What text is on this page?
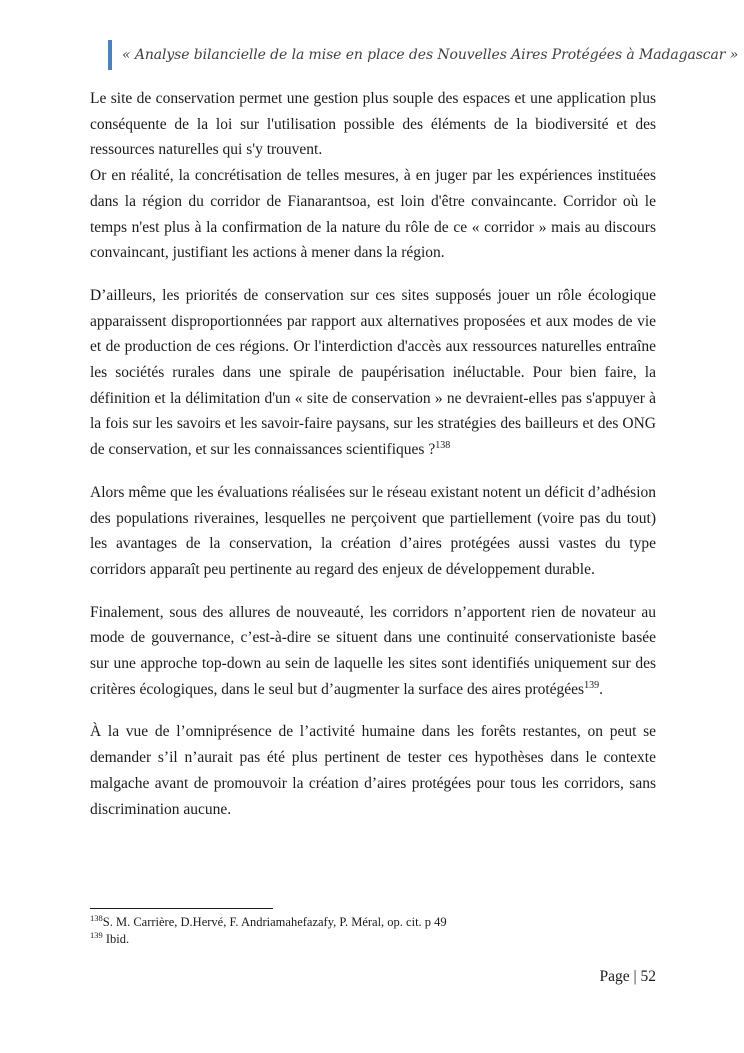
« Analyse bilancielle de la mise en place des Nouvelles Aires Protégées à Madagascar »

Le site de conservation permet une gestion plus souple des espaces et une application plus conséquente de la loi sur l'utilisation possible des éléments de la biodiversité et des ressources naturelles qui s'y trouvent.

Or en réalité, la concrétisation de telles mesures, à en juger par les expériences instituées dans la région du corridor de Fianarantsoa, est loin d'être convaincante. Corridor où le temps n'est plus à la confirmation de la nature du rôle de ce « corridor » mais au discours convaincant, justifiant les actions à mener dans la région.

D’ailleurs, les priorités de conservation sur ces sites supposés jouer un rôle écologique apparaissent disproportionnées par rapport aux alternatives proposées et aux modes de vie et de production de ces régions. Or l'interdiction d'accès aux ressources naturelles entraîne les sociétés rurales dans une spirale de paupérisation inéluctable. Pour bien faire, la définition et la délimitation d'un « site de conservation » ne devraient-elles pas s'appuyer à la fois sur les savoirs et les savoir-faire paysans, sur les stratégies des bailleurs et des ONG de conservation, et sur les connaissances scientifiques ?$^{138}$

Alors même que les évaluations réalisées sur le réseau existant notent un déficit d’adhésion des populations riveraines, lesquelles ne perçoivent que partiellement (voire pas du tout) les avantages de la conservation, la création d’aires protégées aussi vastes du type corridors apparaît peu pertinente au regard des enjeux de développement durable.

Finalement, sous des allures de nouveauté, les corridors n’apportent rien de novateur au mode de gouvernance, c’est-à-dire se situent dans une continuité conservationiste basée sur une approche top-down au sein de laquelle les sites sont identifiés uniquement sur des critères écologiques, dans le seul but d’augmenter la surface des aires protégées$^{139}$.

À la vue de l’omniprésence de l’activité humaine dans les forêts restantes, on peut se demander s’il n’aurait pas été plus pertinent de tester ces hypothèses dans le contexte malgache avant de promouvoir la création d’aires protégées pour tous les corridors, sans discrimination aucune.

$^{138}$S. M. Carrière, D.Hervé, F. Andriamahefazafy, P. Méral, op. cit. p 49
$^{139}$ Ibid.
Page | 52
